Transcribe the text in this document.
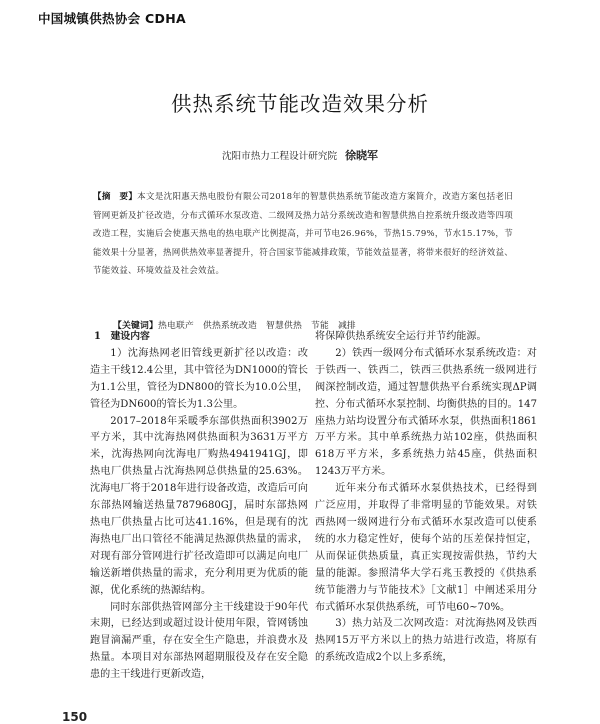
中国城镇供热协会 CDHA
供热系统节能改造效果分析
沈阳市热力工程设计研究院 徐晓军
【摘　要】本文是沈阳惠天热电股份有限公司2018年的智慧供热系统节能改造方案简介，改造方案包括老旧管网更新及扩径改造，分布式循环水泵改造、二级网及热力站分系统改造和智慧供热自控系统升级改造等四项改造工程，实施后会使惠天热电的热电联产比例提高，并可节电26.96%，节热15.79%，节水15.17%，节能效果十分显著，热网供热效率显著提升，符合国家节能减排政策，节能效益显著，将带来很好的经济效益、节能效益、环境效益及社会效益。
【关键词】热电联产　供热系统改造　智慧供热　节能　减排

1　建设内容

1）沈海热网老旧管线更新扩径以改造：改造主干线12.4公里，其中管径为DN1000的管长为1.1公里，管径为DN800的管长为10.0公里，管径为DN600的管长为1.3公里。

2017–2018年采暖季东部供热面积3902万平方米，其中沈海热网供热面积为3631万平方米，沈海热网向沈海电厂购热4941941GJ，即热电厂供热量占沈海热网总供热量的25.63%。沈海电厂将于2018年进行设备改造，改造后可向东部热网输送热量7879680GJ，届时东部热网热电厂供热量占比可达41.16%，但是现有的沈海热电厂出口管径不能满足热源供热量的需求，对现有部分管网进行扩径改造即可以满足向电厂输送新增供热量的需求，充分利用更为优质的能源，优化系统的热源结构。

同时东部供热管网部分主干线建设于90年代末期，已经达到或超过设计使用年限，管网锈蚀跑冒滴漏严重，存在安全生产隐患，并浪费水及热量。本项目对东部热网超期服役及存在安全隐患的主干线进行更新改造，

将保障供热系统安全运行并节约能源。

2）铁西一级网分布式循环水泵系统改造：对于铁西一、铁西二，铁西三供热系统一级网进行阀深控制改造，通过智慧供热平台系统实现ΔP调控、分布式循环水泵控制、均衡供热的目的。147座热力站均设置分布式循环水泵，供热面积1861万平方米。其中单系统热力站102座，供热面积618万平方米，多系统热力站45座，供热面积1243万平方米。

近年来分布式循环水泵供热技术，已经得到广泛应用，并取得了非常明显的节能效果。对铁西热网一级网进行分布式循环水泵改造可以使系统的水力稳定性好，使每个站的压差保持恒定，从而保证供热质量，真正实现按需供热，节约大量的能源。参照清华大学石兆玉教授的《供热系统节能潜力与节能技术》［文献1］中阐述采用分布式循环水泵供热系统，可节电60~70%。

3）热力站及二次网改造：对沈海热网及铁西热网15万平方米以上的热力站进行改造，将原有的系统改造成2个以上多系统，

150
